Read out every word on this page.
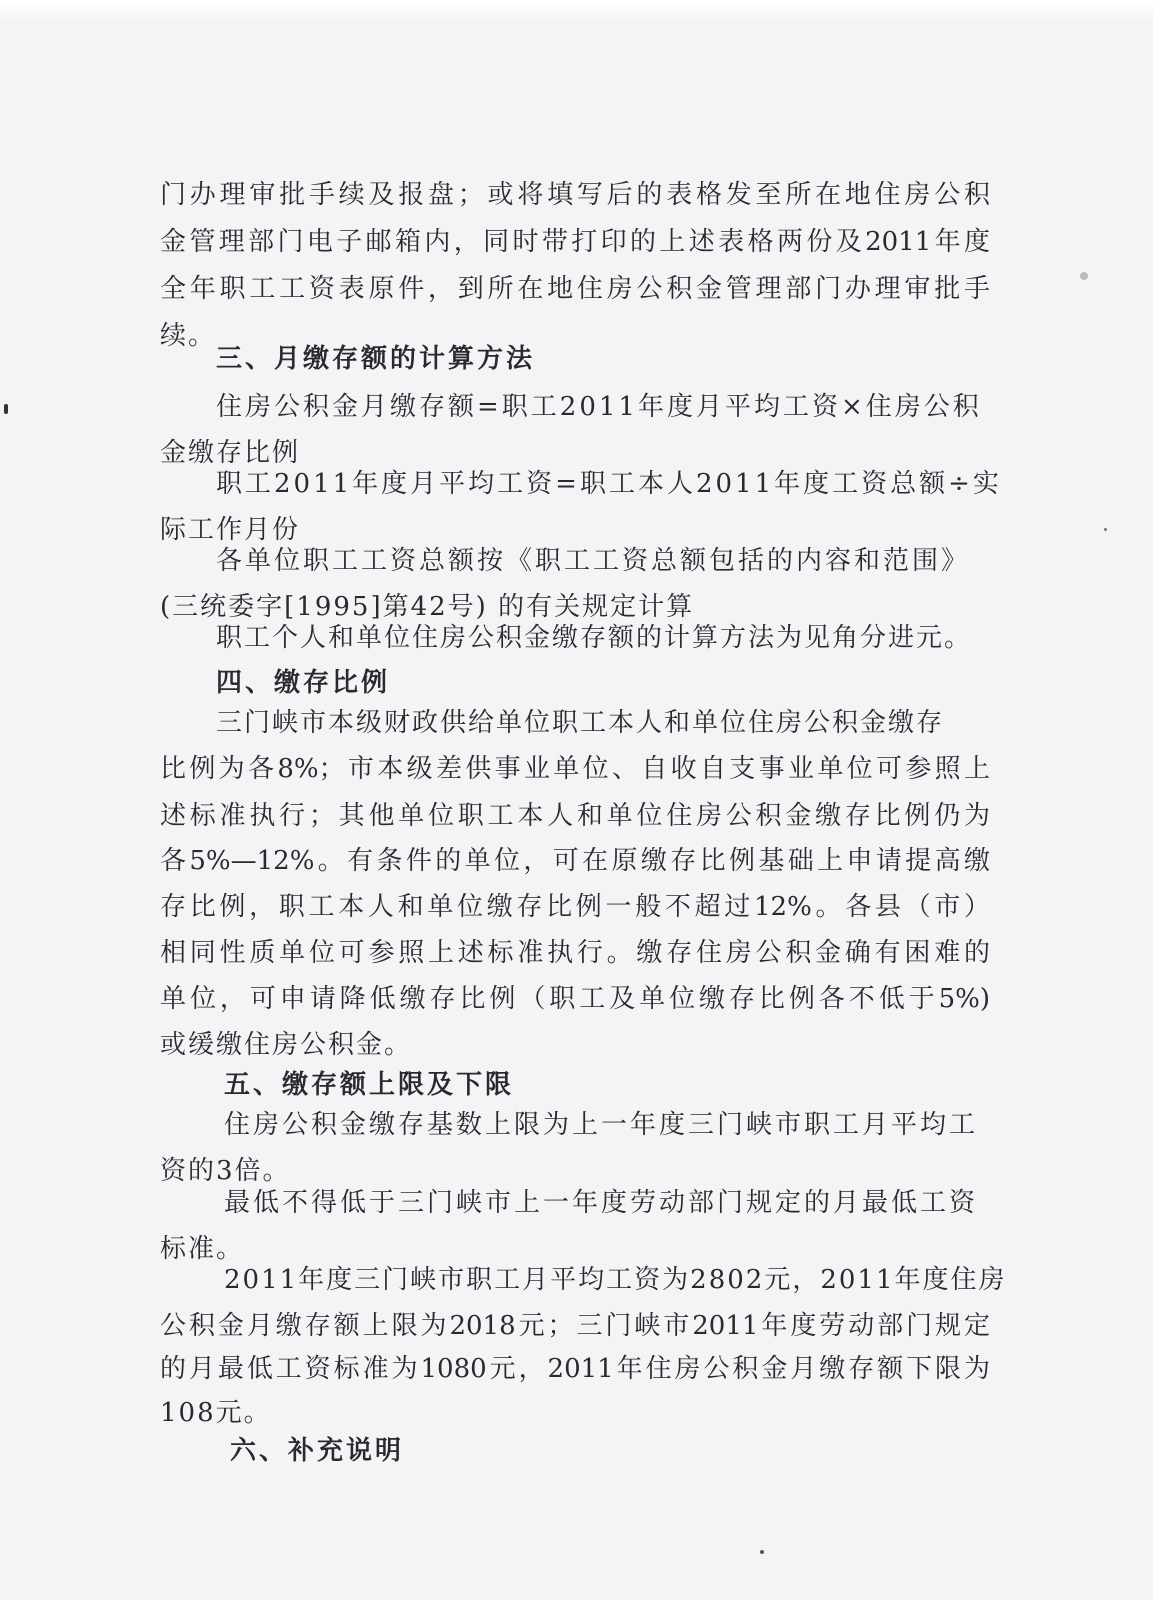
门办理审批手续及报盘；或将填写后的表格发至所在地住房公积
金管理部门电子邮箱内，同时带打印的上述表格两份及2011年度
全年职工工资表原件，到所在地住房公积金管理部门办理审批手
续。
三、月缴存额的计算方法
住房公积金月缴存额=职工2011年度月平均工资×住房公积
金缴存比例
职工2011年度月平均工资=职工本人2011年度工资总额÷实
际工作月份
各单位职工工资总额按《职工工资总额包括的内容和范围》
(三统委字[1995]第42号) 的有关规定计算
职工个人和单位住房公积金缴存额的计算方法为见角分进元。
四、缴存比例
三门峡市本级财政供给单位职工本人和单位住房公积金缴存
比例为各8%；市本级差供事业单位、自收自支事业单位可参照上
述标准执行；其他单位职工本人和单位住房公积金缴存比例仍为
各5%—12%。有条件的单位，可在原缴存比例基础上申请提高缴
存比例，职工本人和单位缴存比例一般不超过12%。各县（市）
相同性质单位可参照上述标准执行。缴存住房公积金确有困难的
单位，可申请降低缴存比例（职工及单位缴存比例各不低于5%)
或缓缴住房公积金。
五、缴存额上限及下限
住房公积金缴存基数上限为上一年度三门峡市职工月平均工
资的3倍。
最低不得低于三门峡市上一年度劳动部门规定的月最低工资
标准。
2011年度三门峡市职工月平均工资为2802元，2011年度住房
公积金月缴存额上限为2018元；三门峡市2011年度劳动部门规定
的月最低工资标准为1080元，2011年住房公积金月缴存额下限为
108元。
六、补充说明
